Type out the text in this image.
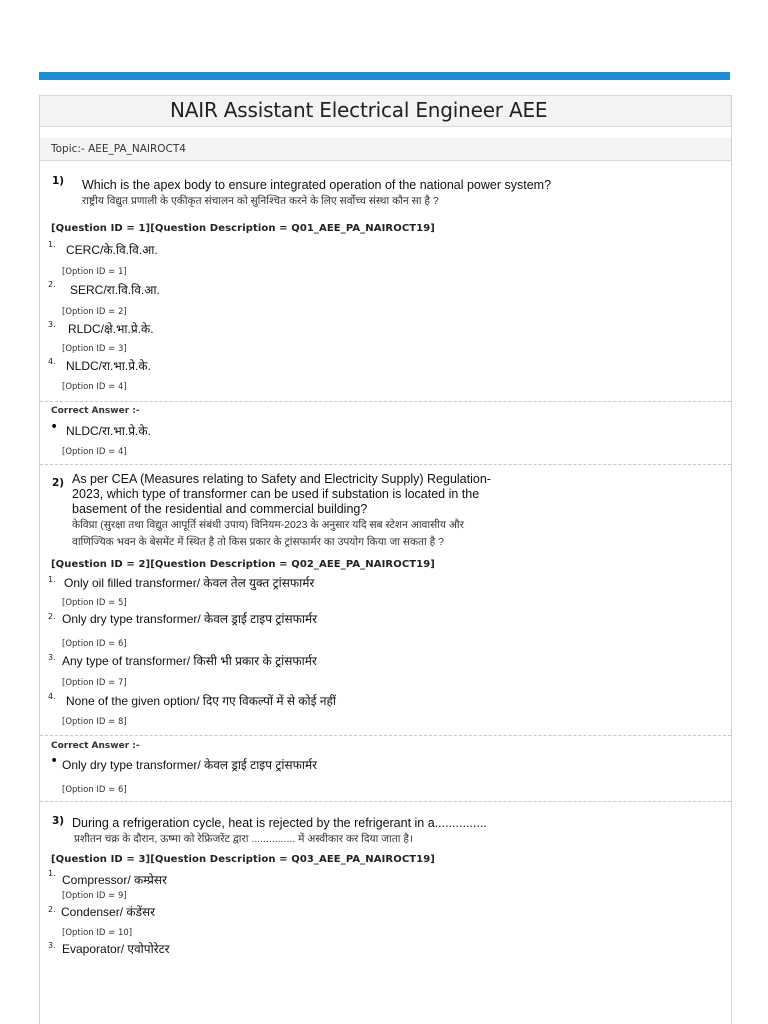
NAIR Assistant Electrical Engineer AEE
Topic:- AEE_PA_NAIROCT4
1) Which is the apex body to ensure integrated operation of the national power system?
राष्ट्रीय विद्युत प्रणाली के एकीकृत संचालन को सुनिश्चित करने के लिए सर्वोच्च संस्था कौन सा है ?
[Question ID = 1][Question Description = Q01_AEE_PA_NAIROCT19]
1. CERC/के.वि.वि.आ.
[Option ID = 1]
2. SERC/रा.वि.वि.आ.
[Option ID = 2]
3. RLDC/क्षे.भा.प्रे.के.
[Option ID = 3]
4. NLDC/रा.भा.प्रे.के.
[Option ID = 4]
Correct Answer :-
• NLDC/रा.भा.प्रे.के.
[Option ID = 4]
2) As per CEA (Measures relating to Safety and Electricity Supply) Regulation-
2023, which type of transformer can be used if substation is located in the
basement of the residential and commercial building?
केविप्रा (सुरक्षा तथा विद्युत आपूर्ति संबंधी उपाय) विनियम-2023 के अनुसार यदि सब स्टेशन आवासीय और
वाणिज्यिक भवन के बेसमेंट में स्थित है तो किस प्रकार के ट्रांसफार्मर का उपयोग किया जा सकता है ?
[Question ID = 2][Question Description = Q02_AEE_PA_NAIROCT19]
1. Only oil filled transformer/ केवल तेल युक्त ट्रांसफार्मर
[Option ID = 5]
2. Only dry type transformer/ केवल ड्राई टाइप ट्रांसफार्मर
[Option ID = 6]
3. Any type of transformer/ किसी भी प्रकार के ट्रांसफार्मर
[Option ID = 7]
4. None of the given option/ दिए गए विकल्पों में से कोई नहीं
[Option ID = 8]
Correct Answer :-
• Only dry type transformer/ केवल ड्राई टाइप ट्रांसफार्मर
[Option ID = 6]
3) During a refrigeration cycle, heat is rejected by the refrigerant in a...............
प्रशीतन चक्र के दौरान, ऊष्मा को रेफ्रिजरेंट द्वारा ............... में अस्वीकार कर दिया जाता है।
[Question ID = 3][Question Description = Q03_AEE_PA_NAIROCT19]
1. Compressor/ कम्प्रेसर
[Option ID = 9]
2. Condenser/ कंडेंसर
[Option ID = 10]
3. Evaporator/ एवोपोरेटर
